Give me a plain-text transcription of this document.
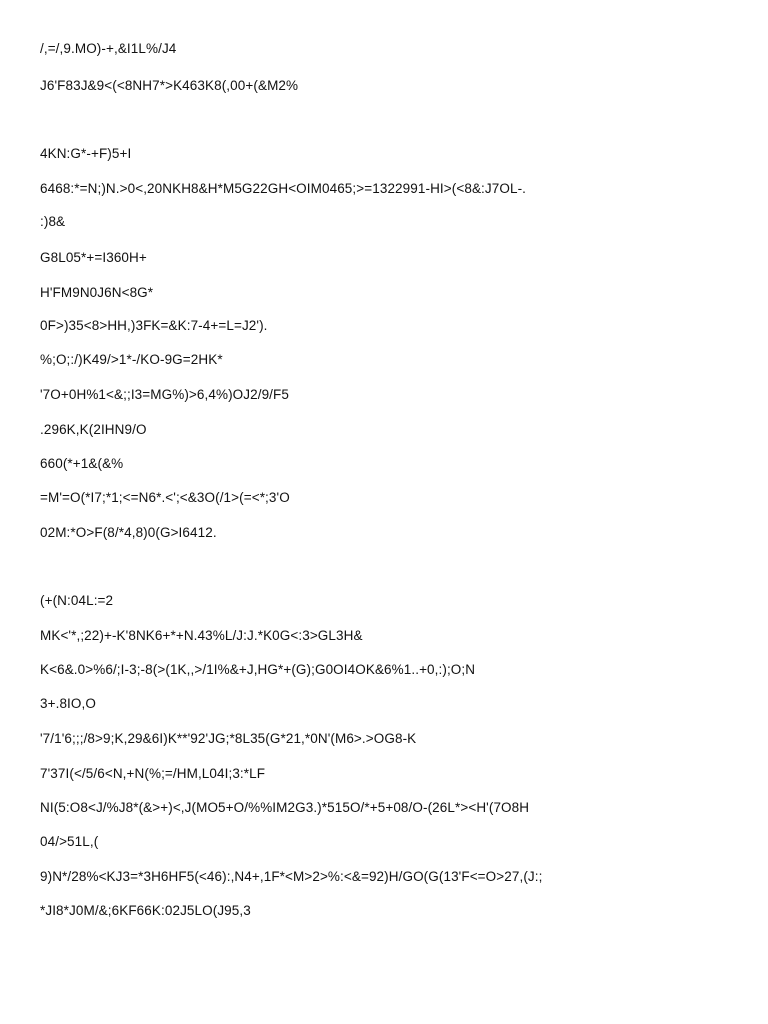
/,=/,9.MO)-+,&I1L%/J4
J6'F83J&9<(<8NH7*>K463K8(,00+(&M2%
4KN:G*-+F)5+I
6468:*=N;)N.>0<,20NKH8&H*M5G22GH<OIM0465;>=1322991-HI>(<8&:J7OL-.
:)8&
G8L05*+=I360H+
H'FM9N0J6N<8G*
0F>)35<8>HH,)3FK=&K:7-4+=L=J2').
%;O;:/)K49/>1*-/KO-9G=2HK*
'7O+0H%1<&;;I3=MG%)>6,4%)OJ2/9/F5
.296K,K(2IHN9/O
660(*+1&(&%
=M'=O(*I7;*1;<=N6*.<';<&3O(/1>(=<*;3'O
02M:*O>F(8/*4,8)0(G>I6412.
(+(N:04L:=2
MK<'*,;22)+-K'8NK6+*+N.43%L/J:J.*K0G<:3>GL3H&
K<6&.0>%6/;I-3;-8(>(1K,,>/1I%&+J,HG*+(G);G0OI4OK&6%1..+0,:);O;N
3+.8IO,O
'7/1'6;;;/8>9;K,29&6I)K**'92'JG;*8L35(G*21,*0N'(M6>.>OG8-K
7'37I(</5/6<N,+N(%;=/HM,L04I;3:*LF
NI(5:O8<J/%J8*(&>+)<,J(MO5+O/%%IM2G3.)*515O/*+5+08/O-(26L*><H'(7O8H
04/>51L,(
9)N*/28%<KJ3=*3H6HF5(<46):,N4+,1F*<M>2>%:<&=92)H/GO(G(13'F<=O>27,(J:;
*JI8*J0M/&;6KF66K:02J5LO(J95,3
